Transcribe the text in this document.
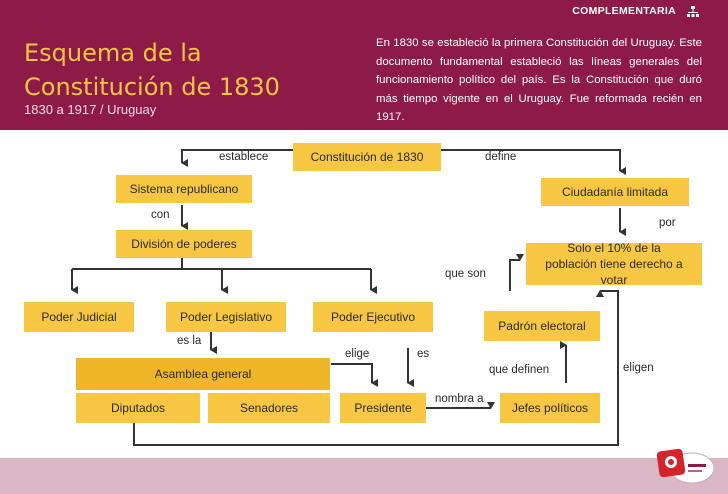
COMPLEMENTARIA
Esquema de la
Constitución de 1830
1830 a 1917 / Uruguay
En 1830 se estableció la primera Constitución del Uruguay. Este documento fundamental estableció las líneas generales del funcionamiento político del país. Es la Constitución que duró más tiempo vigente en el Uruguay. Fue reformada recién en 1917.
Constitución de 1830
Sistema republicano
División de poderes
Poder Judicial	Poder Legislativo	Poder Ejecutivo
Asamblea general
Diputados	Senadores	Presidente	Jefes políticos
Ciudadanía limitada
Solo el 10% de la población tiene derecho a votar
Padrón electoral
establece	define
con
por
que son
es la
elige	es
nombra a
que definen	eligen
